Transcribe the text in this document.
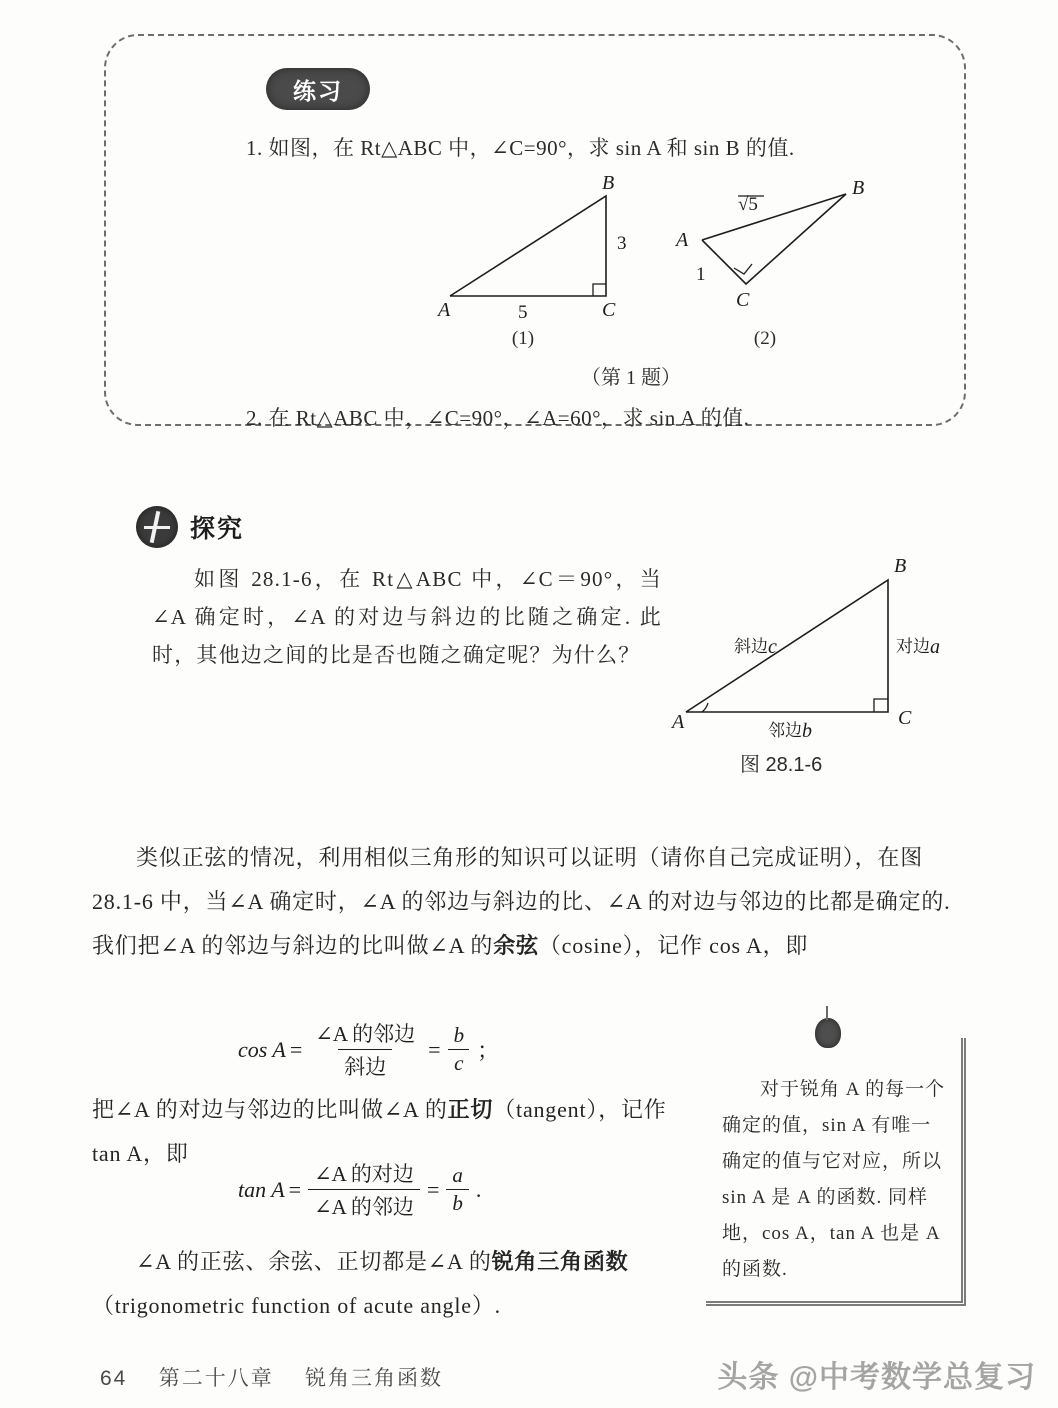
练习
1. 如图，在 Rt△ABC 中，∠C=90°，求 sin A 和 sin B 的值.
A	C
B
5
3 A
C
B
√5
1
(1)	(2)
（第 1 题）
2. 在 Rt△ABC 中，∠C=90°，∠A=60°，求 sin A 的值.
探究
如图 28.1-6，在 Rt△ABC 中，∠C＝90°，当∠A 确定时，∠A 的对边与斜边的比随之确定. 此时，其他边之间的比是否也随之确定呢？为什么？
A	C
B
斜边c	对边a
邻边b
图 28.1-6
类似正弦的情况，利用相似三角形的知识可以证明（请你自己完成证明），在图 28.1-6 中，当∠A 确定时，∠A 的邻边与斜边的比、∠A 的对边与邻边的比都是确定的. 我们把∠A 的邻边与斜边的比叫做∠A 的余弦（cosine），记作 cos A，即
$\cos A = \frac{\text{∠A 的邻边}}{\text{斜边}} = \frac{b}{c}$ ；
把∠A 的对边与邻边的比叫做∠A 的正切（tangent），记作 tan A，即
$\tan A = \frac{\text{∠A 的对边}}{\text{∠A 的邻边}} = \frac{a}{b}$ .
∠A 的正弦、余弦、正切都是∠A 的锐角三角函数（trigonometric function of acute angle）.
对于锐角 A 的每一个确定的值，sin A 有唯一确定的值与它对应，所以 sin A 是 A 的函数. 同样地，cos A，tan A 也是 A 的函数.
64 第二十八章 锐角三角函数	头条 @中考数学总复习
